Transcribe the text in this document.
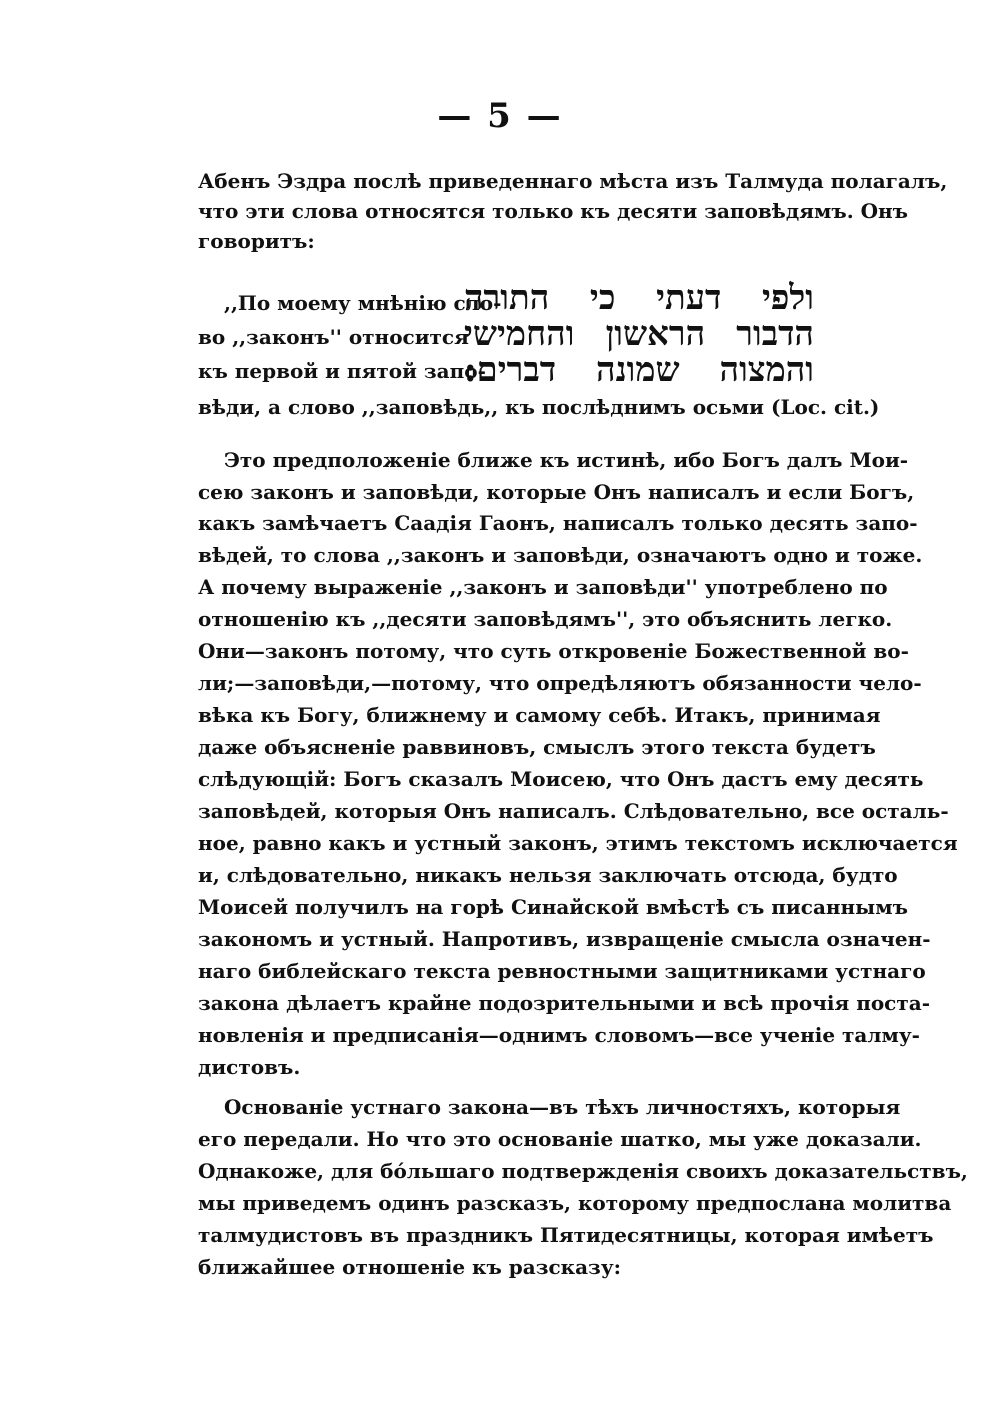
— 5 —
Абенъ Эздра послѣ приведеннаго мѣста изъ Талмуда полагалъ,
что эти слова относятся только къ десяти заповѣдямъ. Онъ
говоритъ:
,,По моему мнѣнію сло-
во ,,законъ'' относится
къ первой и пятой запо-
ולפי דעתי כי התורה
הדבור הראשון והחמישי
והמצוה שמונה דברים:
вѣди, а слово ,,заповѣдь,, къ послѣднимъ осьми (Loc. cit.)
Это предположеніе ближе къ истинѣ, ибо Богъ далъ Мои-
сею законъ и заповѣди, которые Онъ написалъ и если Богъ,
какъ замѣчаетъ Саадія Гаонъ, написалъ только десять запо-
вѣдей, то слова ,,законъ и заповѣди, означаютъ одно и тоже.
А почему выраженіе ,,законъ и заповѣди'' употреблено по
отношенію къ ,,десяти заповѣдямъ'', это объяснить легко.
Они—законъ потому, что суть откровеніе Божественной во-
ли;—заповѣди,—потому, что опредѣляютъ обязанности чело-
вѣка къ Богу, ближнему и самому себѣ. Итакъ, принимая
даже объясненіе раввиновъ, смыслъ этого текста будетъ
слѣдующій: Богъ сказалъ Моисею, что Онъ дастъ ему десять
заповѣдей, которыя Онъ написалъ. Слѣдовательно, все осталь-
ное, равно какъ и устный законъ, этимъ текстомъ исключается
и, слѣдовательно, никакъ нельзя заключать отсюда, будто
Моисей получилъ на горѣ Синайской вмѣстѣ съ писаннымъ
закономъ и устный. Напротивъ, извращеніе смысла означен-
наго библейскаго текста ревностными защитниками устнаго
закона дѣлаетъ крайне подозрительными и всѣ прочія поста-
новленія и предписанія—однимъ словомъ—все ученіе талму-
дистовъ.
Основаніе устнаго закона—въ тѣхъ личностяхъ, которыя
его передали. Но что это основаніе шатко, мы уже доказали.
Однакоже, для бо́льшаго подтвержденія своихъ доказательствъ,
мы приведемъ одинъ разсказъ, которому предпослана молитва
талмудистовъ въ праздникъ Пятидесятницы, которая имѣетъ
ближайшее отношеніе къ разсказу:
